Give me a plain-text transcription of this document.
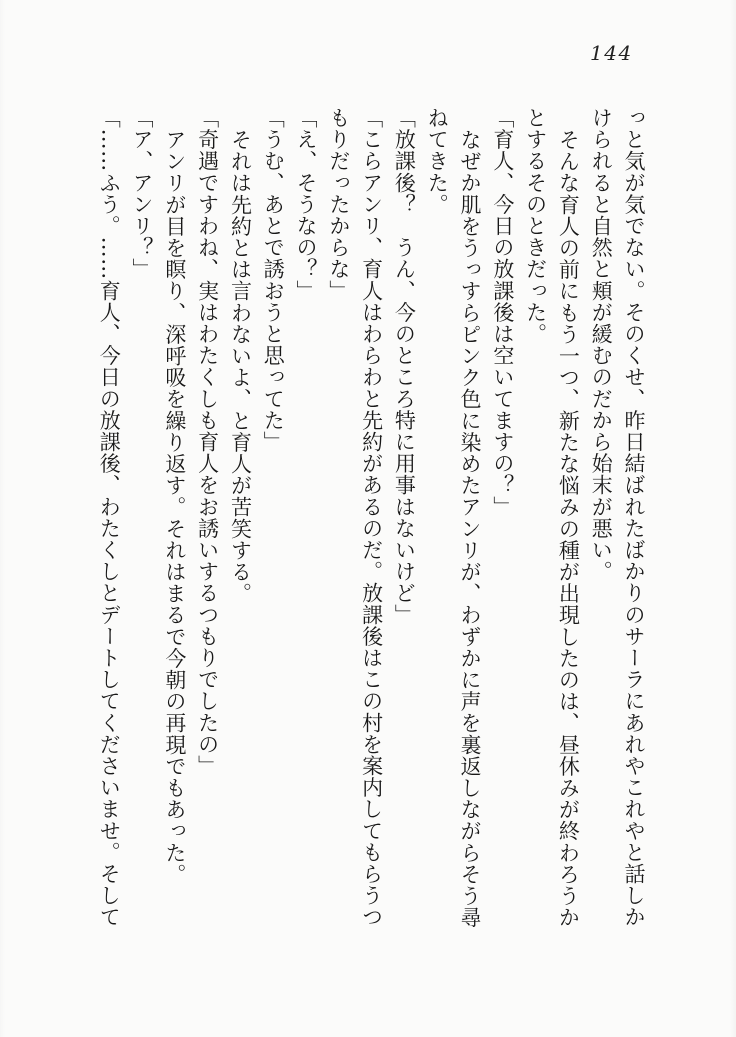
144
っと気が気でない。そのくせ、昨日結ばれたばかりのサーラにあれやこれやと話しか
けられると自然と頬が緩むのだから始末が悪い。
そんな育人の前にもう一つ、新たな悩みの種が出現したのは、昼休みが終わろうか
とするそのときだった。
「育人、今日の放課後は空いてますの？」
なぜか肌をうっすらピンク色に染めたアンリが、わずかに声を裏返しながらそう尋
ねてきた。
「放課後？　うん、今のところ特に用事はないけど」
「こらアンリ、育人はわらわと先約があるのだ。放課後はこの村を案内してもらうつ
もりだったからな」
「え、そうなの？」
「うむ、あとで誘おうと思ってた」
それは先約とは言わないよ、と育人が苦笑する。
「奇遇ですわね、実はわたくしも育人をお誘いするつもりでしたの」
アンリが目を瞑り、深呼吸を繰り返す。それはまるで今朝の再現でもあった。
「ア、アンリ？」
「……ふう。……育人、今日の放課後、わたくしとデートしてくださいませ。そして
